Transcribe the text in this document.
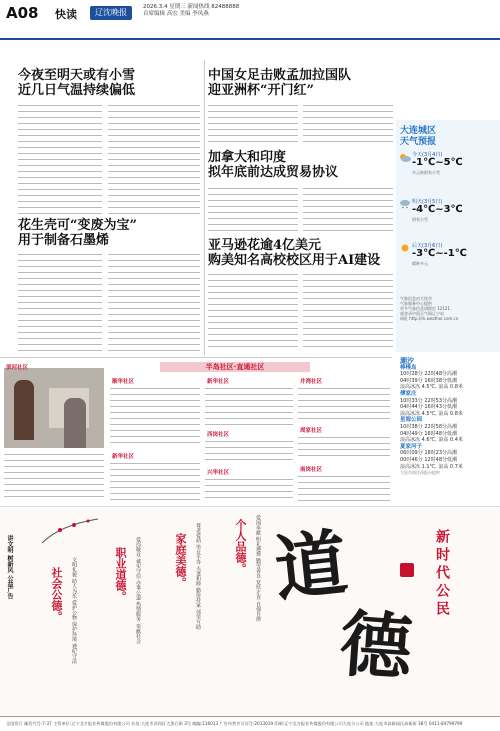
A08 快读	辽沈晚报
2026.3.4 星期三 新闻热线 82488888
首席编辑 高宏 美编 李凤燕
今夜至明天或有小雪
近几日气温持续偏低
花生壳可“变废为宝”
用于制备石墨烯
中国女足击败孟加拉国队
迎亚洲杯“开门红”
加拿大和印度
拟年底前达成贸易协议
亚马逊花逾4亿美元
购美知名高校校区用于AI建设
大连城区
天气预报
今天(3月4日)
-1℃~5℃
多云转阴有小雪
明天(3月5日)
-4℃~3℃
阴有小雪
后天(3月6日)
-3℃~-1℃
晴转多云
气象信息由大连市
气象服务中心提供
更多气象信息请拨打 12121
或登录中国天气网辽宁站
网址 http://ln.weather.com.cn
潮汐
棒棰岛
10时28分 22时48分高潮
04时39分 16时38分低潮
浪高冰冻 4.5℃, 浪高 0.8米
傅家庄
10时33分 22时53分高潮
04时44分 16时43分低潮
浪高冰冻 4.5℃, 浪高 0.8米
星海公园
10时38分 22时58分高潮
04时49分 16时48分低潮
浪高冰冻 4.6℃, 浪高 0.4米
夏家河子
06时09分 18时23分高潮
00时46分 12时48分低潮
浪高冰冻 1.1℃, 浪高 0.7米
大连市海洋预报台提供
半岛社区·直通社区
滨河社区
顺华社区
新华社区
新华社区
西岗社区
兴华社区
井湾社区
周家社区
南岗社区
讲文明 树新风 公益广告	社会公德。 文明礼貌 助人为乐 爱护公物 保护环境 遵纪守法	职业道德。 爱岗敬业 诚实守信 办事公道 热情服务 奉献社会	家庭美德。 尊老爱幼 男女平等 夫妻和睦 勤俭持家 邻里互助	个人品德。 爱国奉献 明礼遵规 勤劳善良 宽厚正直 自强自律 道
德
新时代公民
全国发行 邮发代号:7-37 主管单位:辽宁北方报业传媒股份有限公司 社址:大连市西岗区大黑石街 3号 邮编:116013 广告经营许可证号:2013019 印刷:辽宁北方报业传媒股份有限公司大连分公司 地址:大连市高新园区高新街 38号 0411-84799799
